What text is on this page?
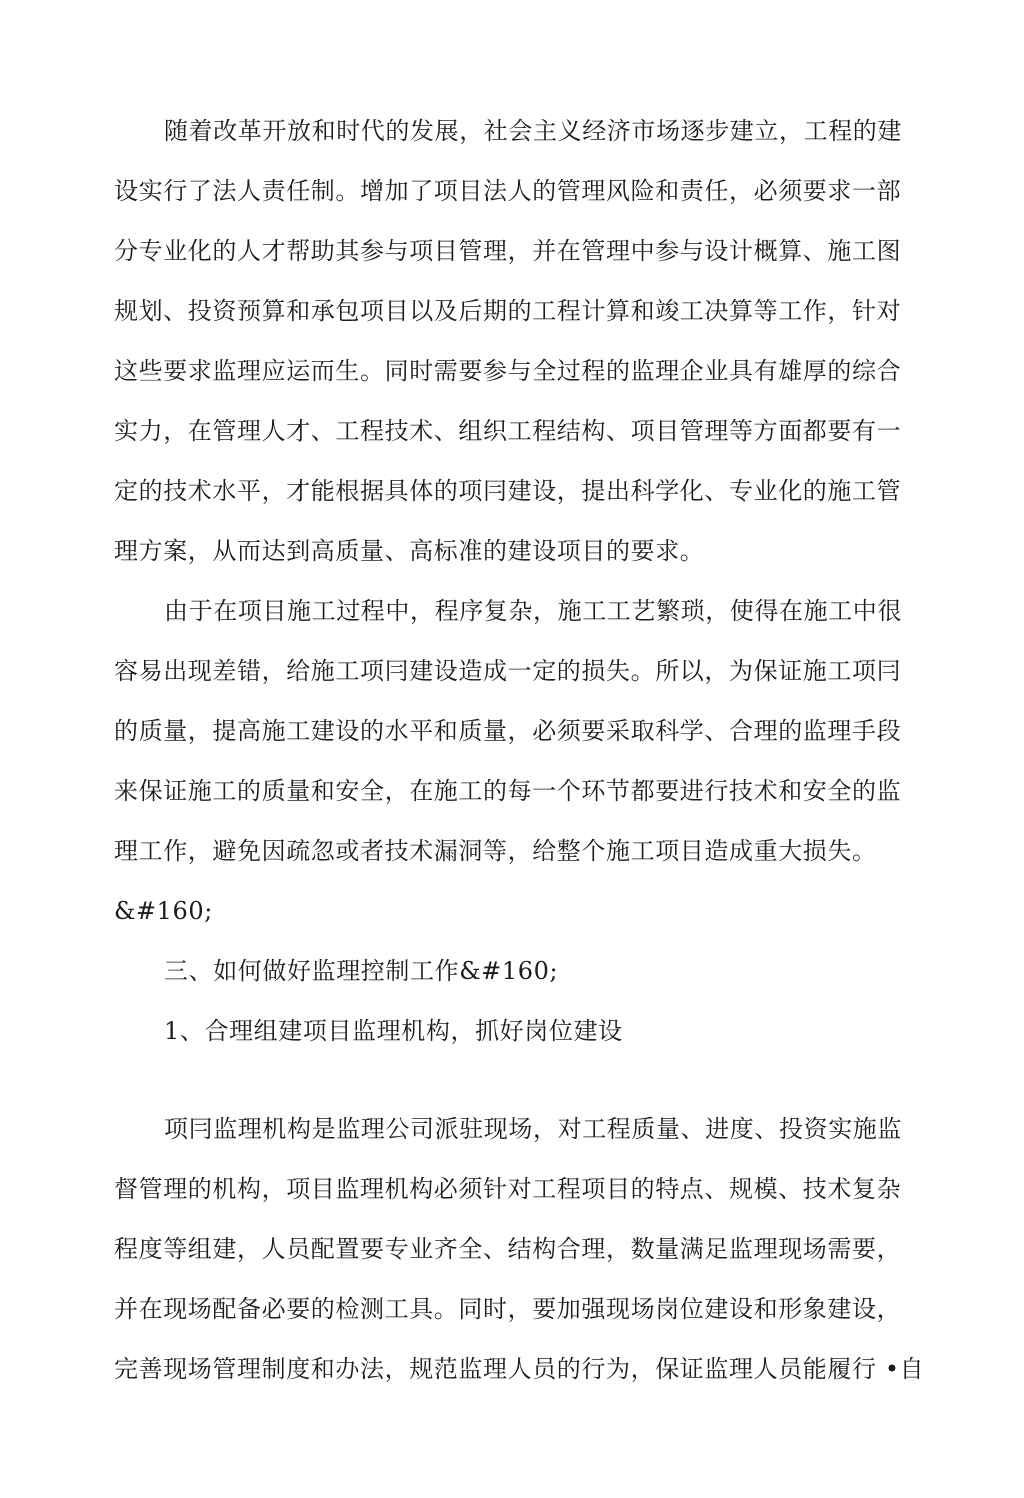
随着改革开放和时代的发展，社会主义经济市场逐步建立，工程的建
设实行了法人责任制。增加了项目法人的管理风险和责任，必须要求一部
分专业化的人才帮助其参与项目管理，并在管理中参与设计概算、施工图
规划、投资预算和承包项目以及后期的工程计算和竣工决算等工作，针对
这些要求监理应运而生。同时需要参与全过程的监理企业具有雄厚的综合
实力，在管理人才、工程技术、组织工程结构、项目管理等方面都要有一
定的技术水平，才能根据具体的项冃建设，提出科学化、专业化的施工管
理方案，从而达到高质量、高标准的建设项目的要求。
由于在项目施工过程中，程序复杂，施工工艺繁琐，使得在施工中很
容易出现差错，给施工项冃建设造成一定的损失。所以，为保证施工项冃
的质量，提高施工建设的水平和质量，必须要采取科学、合理的监理手段
来保证施工的质量和安全，在施工的每一个环节都要进行技术和安全的监
理工作，避免因疏忽或者技术漏洞等，给整个施工项目造成重大损失。
&#160;
三、如何做好监理控制工作&#160;
1、合理组建项目监理机构，抓好岗位建设
项冃监理机构是监理公司派驻现场，对工程质量、进度、投资实施监
督管理的机构，项目监理机构必须针对工程项目的特点、规模、技术复杂
程度等组建，人员配置要专业齐全、结构合理，数量满足监理现场需要，
并在现场配备必要的检测工具。同时，要加强现场岗位建设和形象建设，
完善现场管理制度和办法，规范监理人员的行为，保证监理人员能履行 •自
